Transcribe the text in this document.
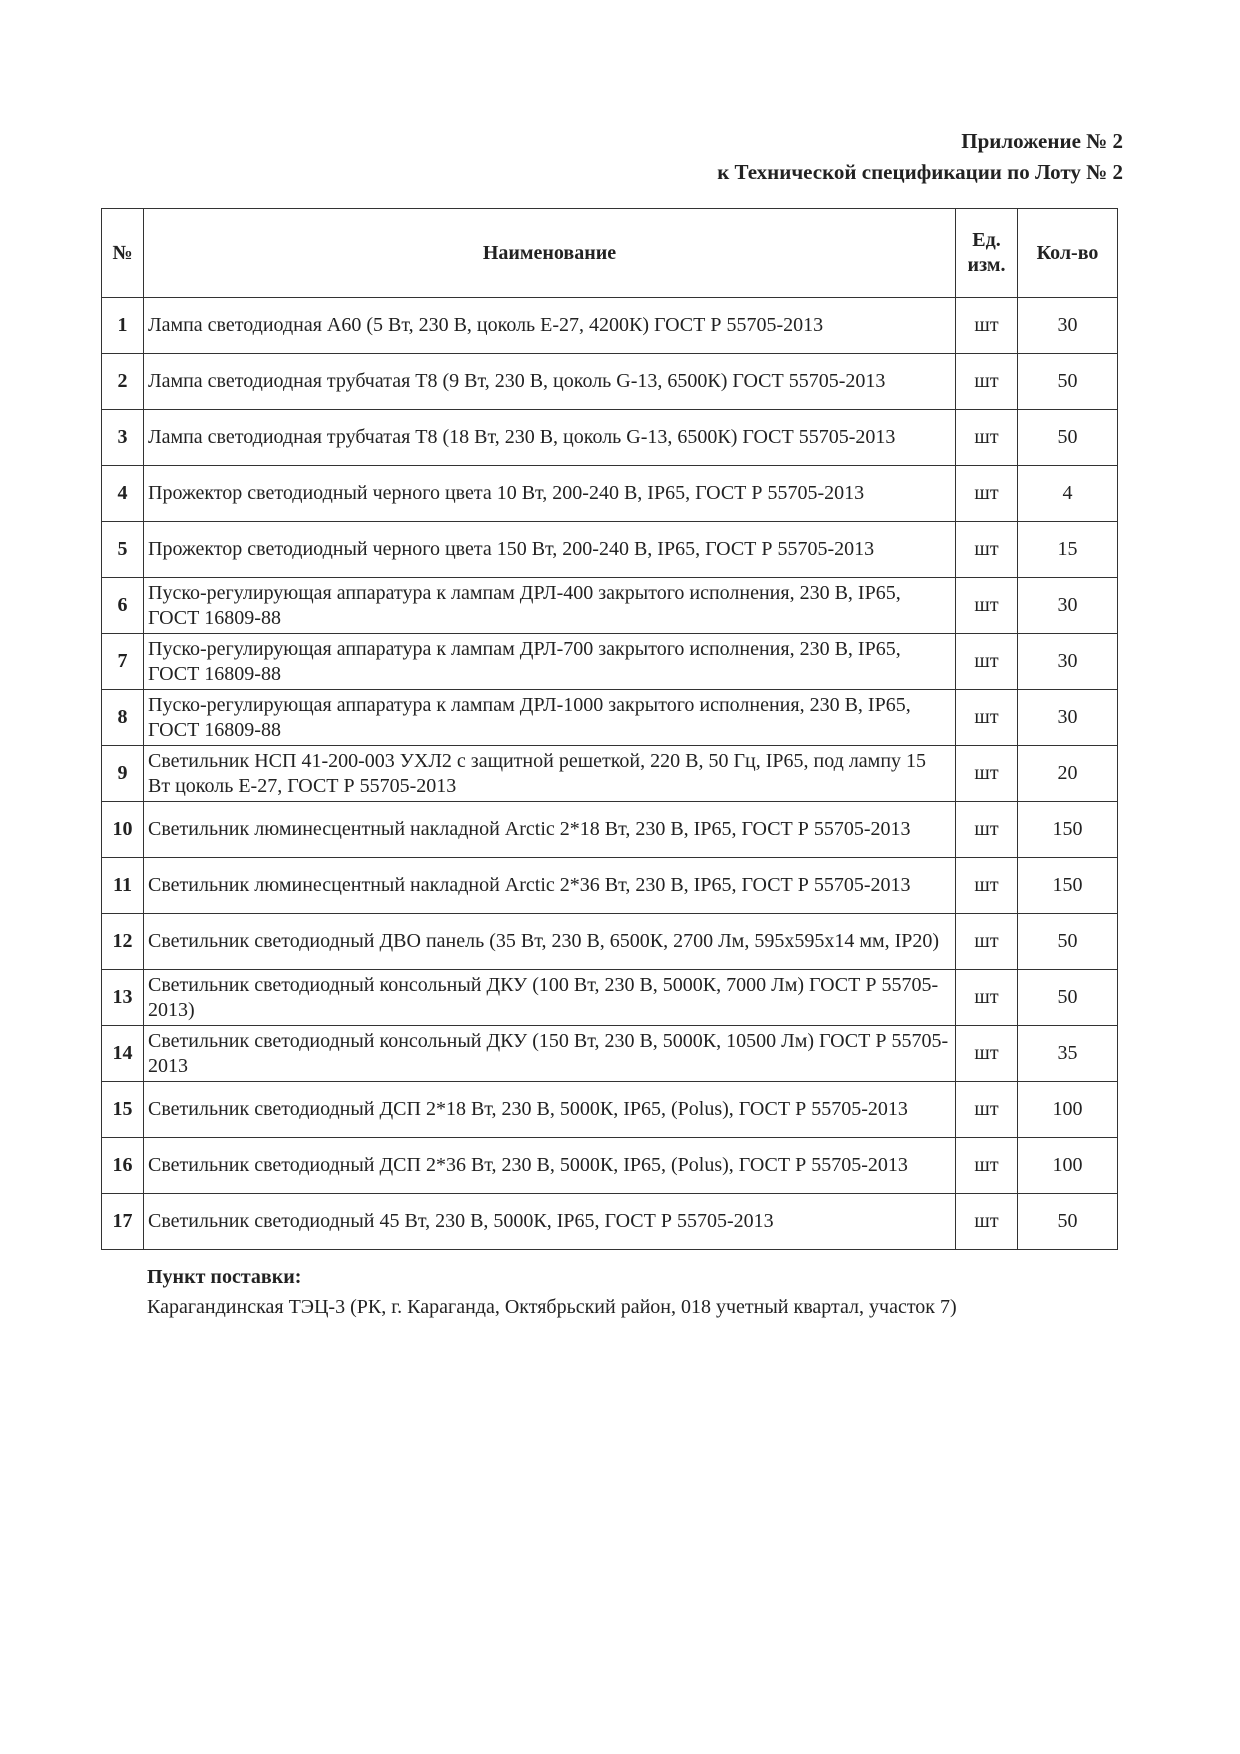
Приложение № 2
к Технической спецификации по Лоту № 2
№	Наименование	Ед. изм.	Кол-во
1	Лампа светодиодная А60 (5 Вт, 230 В, цоколь Е-27, 4200К) ГОСТ Р 55705-2013	шт	30
2	Лампа светодиодная трубчатая Т8 (9 Вт, 230 В, цоколь G-13, 6500К) ГОСТ 55705-2013	шт	50
3	Лампа светодиодная трубчатая Т8 (18 Вт, 230 В, цоколь G-13, 6500К) ГОСТ 55705-2013	шт	50
4	Прожектор светодиодный черного цвета 10 Вт, 200-240 В, IP65, ГОСТ Р 55705-2013	шт	4
5	Прожектор светодиодный черного цвета 150 Вт, 200-240 В, IP65, ГОСТ Р 55705-2013	шт	15
6	Пуско-регулирующая аппаратура к лампам ДРЛ-400 закрытого исполнения, 230 В, IP65, ГОСТ 16809-88	шт	30
7	Пуско-регулирующая аппаратура к лампам ДРЛ-700 закрытого исполнения, 230 В, IP65, ГОСТ 16809-88	шт	30
8	Пуско-регулирующая аппаратура к лампам ДРЛ-1000 закрытого исполнения, 230 В, IP65, ГОСТ 16809-88	шт	30
9	Светильник НСП 41-200-003 УХЛ2 с защитной решеткой, 220 В, 50 Гц, IP65, под лампу 15 Вт цоколь Е-27, ГОСТ Р 55705-2013	шт	20
10	Светильник люминесцентный накладной Arctic 2*18 Вт, 230 В, IP65, ГОСТ Р 55705-2013	шт	150
11	Светильник люминесцентный накладной Arctic 2*36 Вт, 230 В, IP65, ГОСТ Р 55705-2013	шт	150
12	Светильник светодиодный ДВО панель (35 Вт, 230 В, 6500К, 2700 Лм, 595х595х14 мм, IP20)	шт	50
13	Светильник светодиодный консольный ДКУ (100 Вт, 230 В, 5000К, 7000 Лм) ГОСТ Р 55705-2013)	шт	50
14	Светильник светодиодный консольный ДКУ (150 Вт, 230 В, 5000К, 10500 Лм) ГОСТ Р 55705-2013	шт	35
15	Светильник светодиодный ДСП 2*18 Вт, 230 В, 5000К, IP65, (Polus), ГОСТ Р 55705-2013	шт	100
16	Светильник светодиодный ДСП 2*36 Вт, 230 В, 5000К, IP65, (Polus), ГОСТ Р 55705-2013	шт	100
17	Светильник светодиодный 45 Вт, 230 В, 5000К, IP65, ГОСТ Р 55705-2013	шт	50
Пункт поставки:
Карагандинская ТЭЦ-3 (РК, г. Караганда, Октябрьский район, 018 учетный квартал, участок 7)
